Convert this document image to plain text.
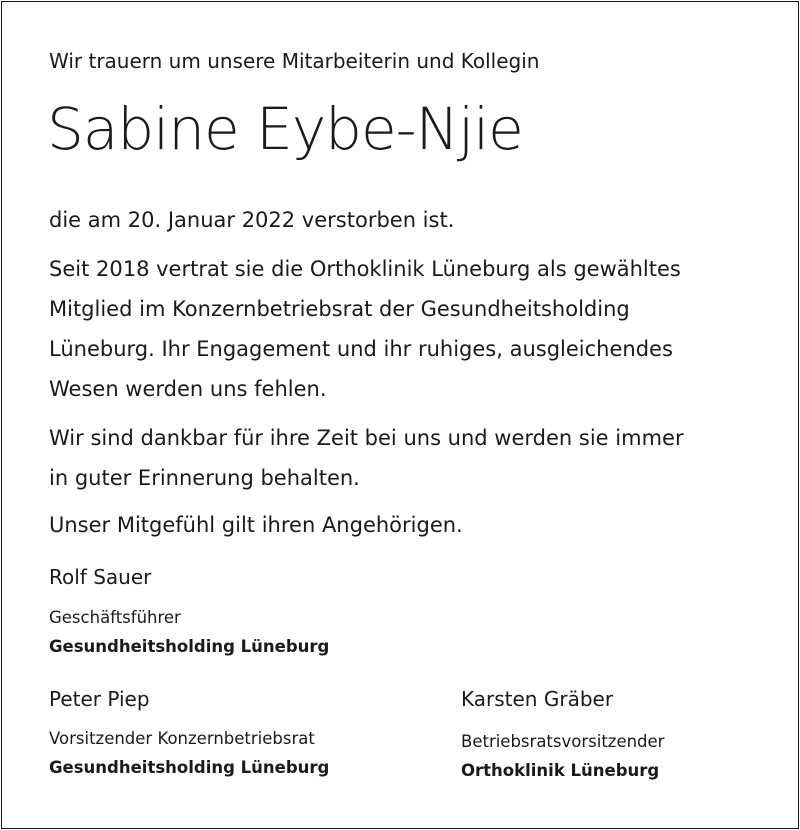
Wir trauern um unsere Mitarbeiterin und Kollegin

Sabine Eybe-Njie
die am 20. Januar 2022 verstorben ist.
Seit 2018 vertrat sie die Orthoklinik Lüneburg als gewähltes
Mitglied im Konzernbetriebsrat der Gesundheitsholding
Lüneburg. Ihr Engagement und ihr ruhiges, ausgleichendes
Wesen werden uns fehlen.
Wir sind dankbar für ihre Zeit bei uns und werden sie immer
in guter Erinnerung behalten.
Unser Mitgefühl gilt ihren Angehörigen.
Rolf Sauer
Geschäftsführer
Gesundheitsholding Lüneburg
Peter Piep
Vorsitzender Konzernbetriebsrat
Gesundheitsholding Lüneburg
Karsten Gräber
Betriebsratsvorsitzender
Orthoklinik Lüneburg
